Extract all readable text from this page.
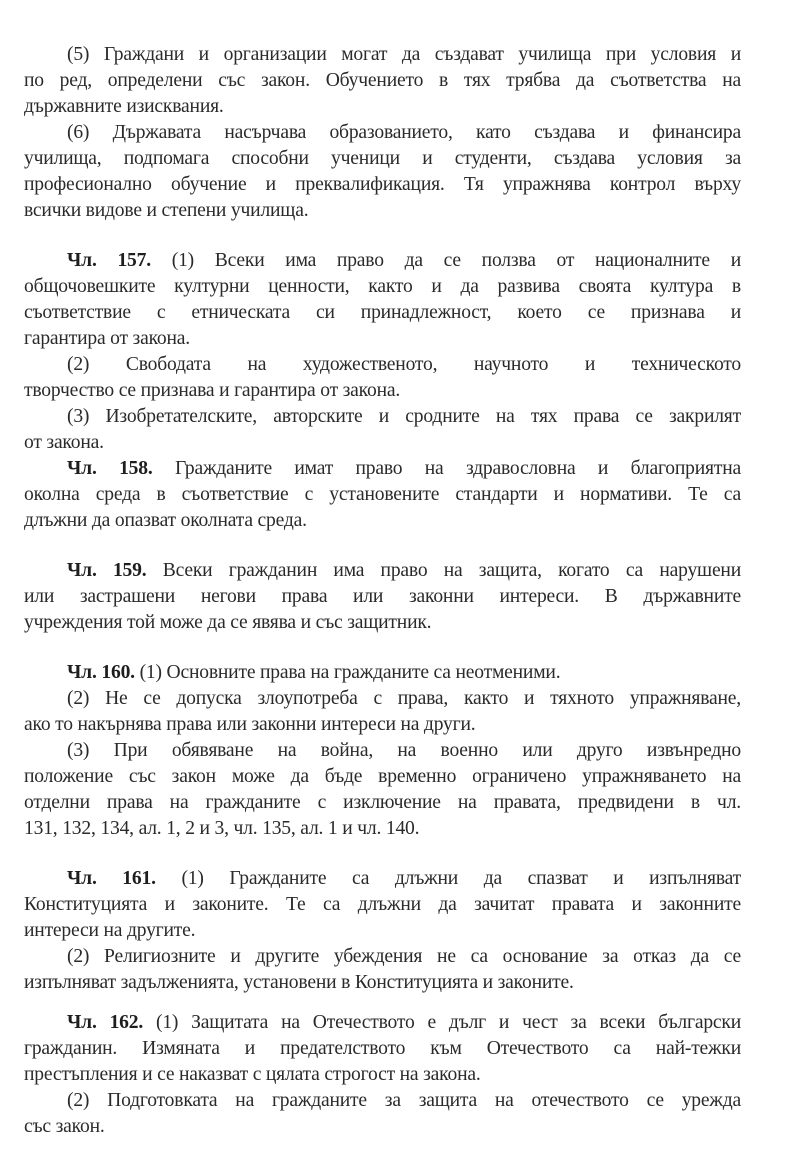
(5) Граждани и организации могат да създават училища при условия и
по ред, определени със закон. Обучението в тях трябва да съответства на
държавните изисквания.
(6) Държавата насърчава образованието, като създава и финансира
училища, подпомага способни ученици и студенти, създава условия за
професионално обучение и преквалификация. Тя упражнява контрол върху
всички видове и степени училища.
Чл. 157. (1) Всеки има право да се ползва от националните и
общочовешките културни ценности, както и да развива своята култура в
съответствие с етническата си принадлежност, което се признава и
гарантира от закона.
(2) Свободата на художественото, научното и техническото
творчество се признава и гарантира от закона.
(3) Изобретателските, авторските и сродните на тях права се закрилят
от закона.
Чл. 158. Гражданите имат право на здравословна и благоприятна
околна среда в съответствие с установените стандарти и нормативи. Те са
длъжни да опазват околната среда.
Чл. 159. Всеки гражданин има право на защита, когато са нарушени
или застрашени негови права или законни интереси. В държавните
учреждения той може да се явява и със защитник.
Чл. 160. (1) Основните права на гражданите са неотменими.
(2) Не се допуска злоупотреба с права, както и тяхното упражняване,
ако то накърнява права или законни интереси на други.
(3) При обявяване на война, на военно или друго извънредно
положение със закон може да бъде временно ограничено упражняването на
отделни права на гражданите с изключение на правата, предвидени в чл.
131, 132, 134, ал. 1, 2 и 3, чл. 135, ал. 1 и чл. 140.
Чл. 161. (1) Гражданите са длъжни да спазват и изпълняват
Конституцията и законите. Те са длъжни да зачитат правата и законните
интереси на другите.
(2) Религиозните и другите убеждения не са основание за отказ да се
изпълняват задълженията, установени в Конституцията и законите.
Чл. 162. (1) Защитата на Отечеството е дълг и чест за всеки български
гражданин. Измяната и предателството към Отечеството са най-тежки
престъпления и се наказват с цялата строгост на закона.
(2) Подготовката на гражданите за защита на отечеството се урежда
със закон.
